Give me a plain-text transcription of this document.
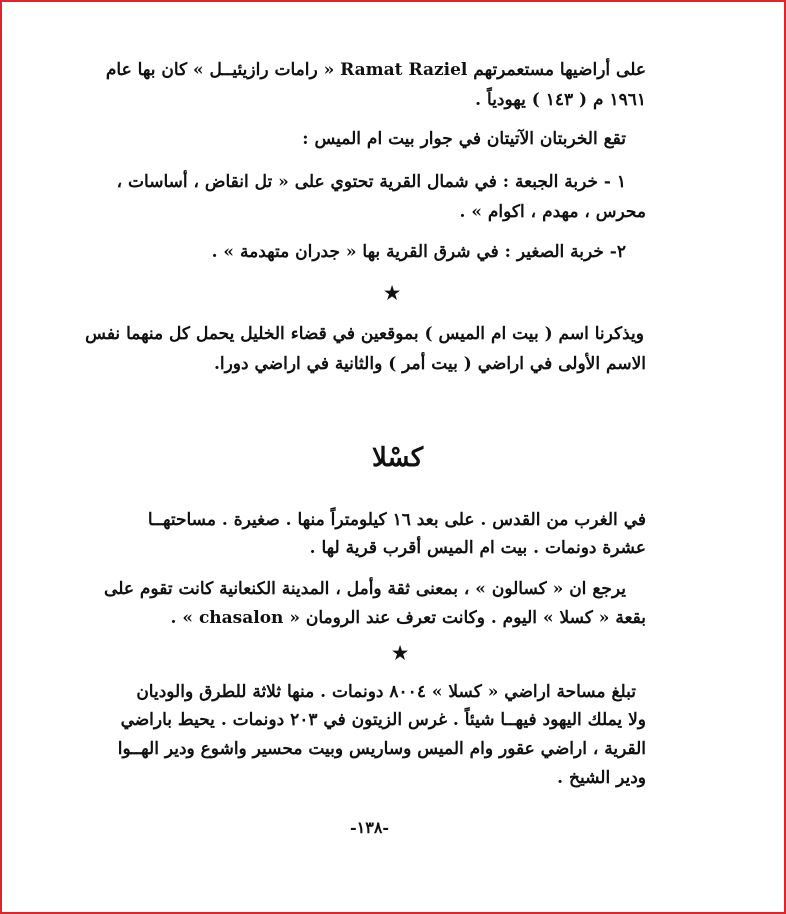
على أراضيها مستعمرتهم Ramat Raziel « رامات رازيئيــل » كان بها عام
١٩٦١ م ( ١٤٣ ) يهودياً .
تقع الخربتان الآتيتان في جوار بيت ام الميس :
١ - خربة الجبعة : في شمال القرية تحتوي على « تل انقاض ، أساسات ،
محرس ، مهدم ، اكوام » .
٢- خربة الصغير : في شرق القرية بها « جدران متهدمة » .
★
ويذكرنا اسم ( بيت ام الميس ) بموقعين في قضاء الخليل يحمل كل منهما نفس
الاسم الأولى في اراضي ( بيت أمر ) والثانية في اراضي دورا.
كسْلا
في الغرب من القدس . على بعد ١٦ كيلومتراً منها . صغيرة . مساحتهــا
عشرة دونمات . بيت ام الميس أقرب قرية لها .
يرجع ان « كسالون » ، بمعنى ثقة وأمل ، المدينة الكنعانية كانت تقوم على
بقعة « كسلا » اليوم . وكانت تعرف عند الرومان « chasalon » .
★
تبلغ مساحة اراضي « كسلا » ٨٠٠٤ دونمات . منها ثلاثة للطرق والوديان
ولا يملك اليهود فيهــا شيئاً . غرس الزيتون في ٢٠٣ دونمات . يحيط باراضي
القرية ، اراضي عقور وام الميس وساريس وبيت محسير واشوع ودير الهــوا
ودير الشيخ .
-١٣٨-
